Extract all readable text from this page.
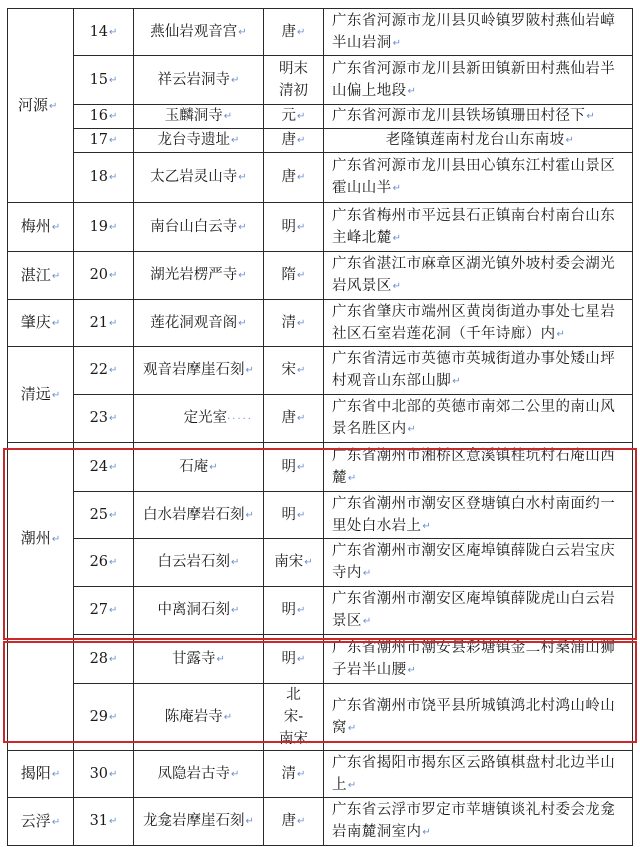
河源↵	14↵	燕仙岩观音宫↵	唐↵	广东省河源市龙川县贝岭镇罗陂村燕仙岩嶂半山岩洞↵
	15↵	祥云岩洞寺↵	明末清初	广东省河源市龙川县新田镇新田村燕仙岩半山偏上地段↵
	16↵	玉麟洞寺↵	元↵	广东省河源市龙川县铁场镇珊田村径下↵
	17↵	龙台寺遗址↵	唐↵	老隆镇莲南村龙台山东南坡↵
	18↵	太乙岩灵山寺↵	唐↵	广东省河源市龙川县田心镇东江村霍山景区霍山山半↵
梅州↵	19↵	南台山白云寺↵	明↵	广东省梅州市平远县石正镇南台村南台山东主峰北麓↵
湛江↵	20↵	湖光岩楞严寺↵	隋↵	广东省湛江市麻章区湖光镇外坡村委会湖光岩风景区↵
肇庆↵	21↵	莲花洞观音阁↵	清↵	广东省肇庆市端州区黄岗街道办事处七星岩社区石室岩莲花洞（千年诗廊）内↵
清远↵	22↵	观音岩摩崖石刻↵	宋↵	广东省清远市英德市英城街道办事处矮山坪村观音山东部山脚↵
	23↵	定光室·····	唐↵	广东省中北部的英德市南郊二公里的南山风景名胜区内↵
潮州↵	24↵	石庵↵	明↵	广东省潮州市湘桥区意溪镇桂坑村石庵山西麓↵
	25↵	白水岩摩岩石刻↵	明↵	广东省潮州市潮安区登塘镇白水村南面约一里处白水岩上↵
	26↵	白云岩石刻↵	南宋↵	广东省潮州市潮安区庵埠镇薛陇白云岩宝庆寺内↵
	27↵	中离洞石刻↵	明↵	广东省潮州市潮安区庵埠镇薛陇虎山白云岩景区↵
	28↵	甘露寺↵	明↵	广东省潮州市潮安县彩塘镇金二村桑浦山狮子岩半山腰↵
	29↵	陈庵岩寺↵	北宋-南宋	广东省潮州市饶平县所城镇鸿北村鸿山岭山窝↵
揭阳↵	30↵	凤隐岩古寺↵	清↵	广东省揭阳市揭东区云路镇棋盘村北边半山上↵
云浮↵	31↵	龙龛岩摩崖石刻↵	唐↵	广东省云浮市罗定市苹塘镇谈礼村委会龙龛岩南麓洞室内↵
